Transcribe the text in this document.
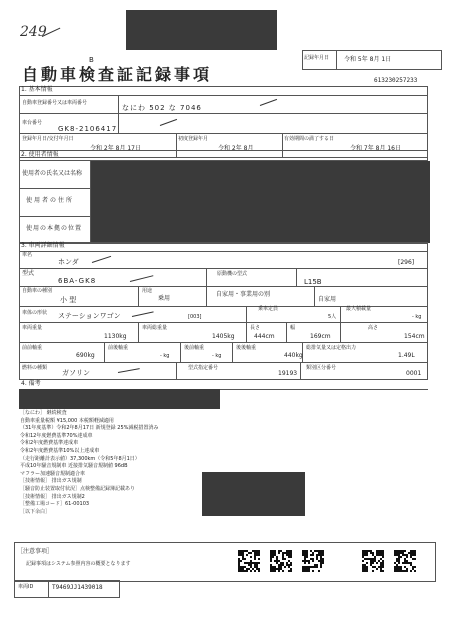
249
B
自動車検査証記録事項
記録年月日 令和 5年 8月 1日
613230257233
1. 基本情報
自動車登録番号又は車両番号
なにわ 502 な 7046
車台番号
GK8-2106417
登録年月日/交付年月日
令和 2年 8月 17日
初度登録年月
令和 2年 8月
有効期間の満了する日
令和 7年 8月 16日
2. 使用者情報
使用者の氏名又は名称
使用者の住所
使用の本拠の位置
3. 車両詳細情報
車名
ホンダ	[296]
型式
6BA-GK8
原動機の型式
L15B
自動車の種別
小 型
用途
乗用
自家用・事業用の別
自家用
車体の形状 ステーションワゴン	[003]
乗車定員
5人
最大積載量
- kg
車両重量
1130kg
車両総重量
1405kg
長さ
444cm
幅
169cm
高さ
154cm
前前軸重
690kg
前後軸重
- kg
後前軸重
- kg
後後軸重
440kg
総排気量又は定格出力
1.49L
燃料の種類
ガソリン
型式指定番号
19193
類別区分番号
0001
4. 備考
［なにわ］ 継続検査
自動車重量税額 ¥15,000 本税額軽減適用
（31年度基準）令和2年8月17日 新規登録 25%減税措置済み
令和12年度燃費基準70%達成車
令和2年度燃費基準達成車
令和2年度燃費基準10%以上達成車
（走行距離計表示値）37,300km（令和5年8月1日）
平成10年騒音規制車 近接排気騒音規制値 96dB
マフラー加速騒音規制適合車
［技術情報］ 排出ガス規制
［騒音防止装置取付状況］点検整備記録簿記載あり
［技術情報］ 排出ガス規制2
［整備工場コード］61-00103
［以下余白］
［注意事項］
記録事項はシステム参照内容の概要となります
車両ID	T9469JJ1439018
